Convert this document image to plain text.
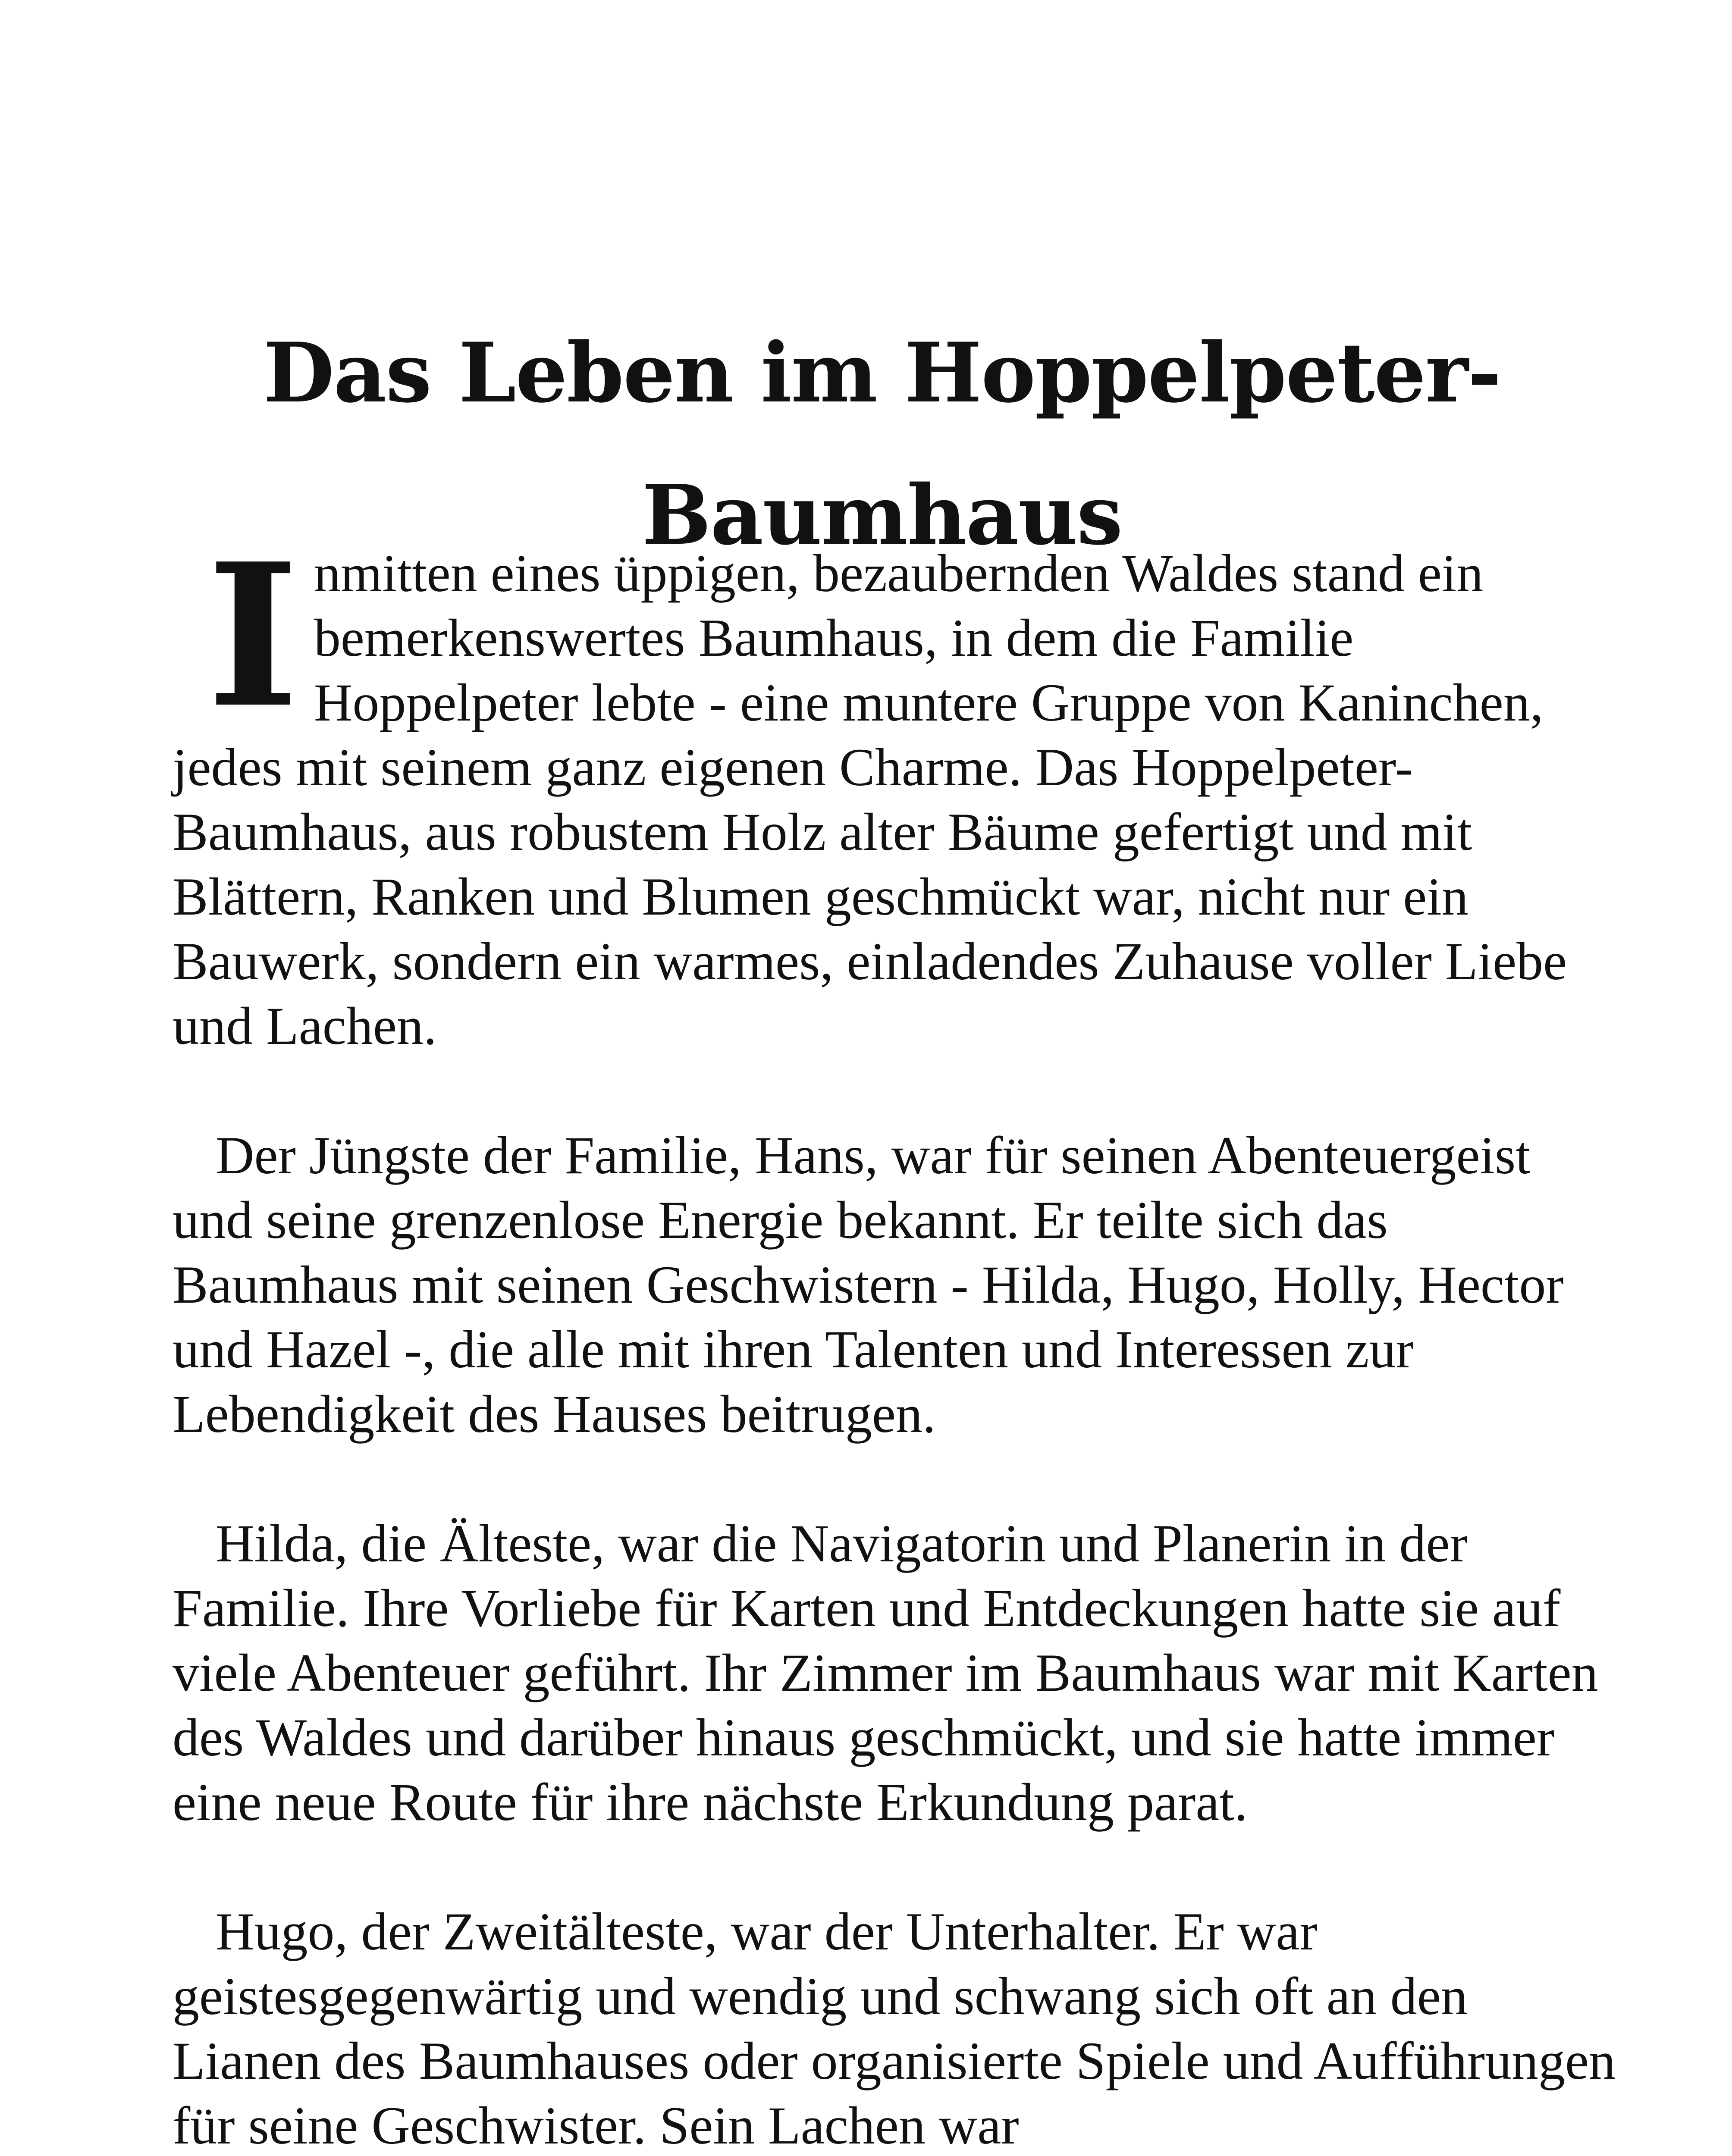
Das Leben im Hoppelpeter-Baumhaus

Inmitten eines üppigen, bezaubernden Waldes stand ein bemerkenswertes Baumhaus, in dem die Familie Hoppelpeter lebte - eine muntere Gruppe von Kaninchen, jedes mit seinem ganz eigenen Charme. Das Hoppelpeter-Baumhaus, aus robustem Holz alter Bäume gefertigt und mit Blättern, Ranken und Blumen geschmückt war, nicht nur ein Bauwerk, sondern ein warmes, einladendes Zuhause voller Liebe und Lachen.

Der Jüngste der Familie, Hans, war für seinen Abenteuergeist und seine grenzenlose Energie bekannt. Er teilte sich das Baumhaus mit seinen Geschwistern - Hilda, Hugo, Holly, Hector und Hazel -, die alle mit ihren Talenten und Interessen zur Lebendigkeit des Hauses beitrugen.

Hilda, die Älteste, war die Navigatorin und Planerin in der Familie. Ihre Vorliebe für Karten und Entdeckungen hatte sie auf viele Abenteuer geführt. Ihr Zimmer im Baumhaus war mit Karten des Waldes und darüber hinaus geschmückt, und sie hatte immer eine neue Route für ihre nächste Erkundung parat.

Hugo, der Zweitälteste, war der Unterhalter. Er war geistesgegenwärtig und wendig und schwang sich oft an den Lianen des Baumhauses oder organisierte Spiele und Aufführungen für seine Geschwister. Sein Lachen war
